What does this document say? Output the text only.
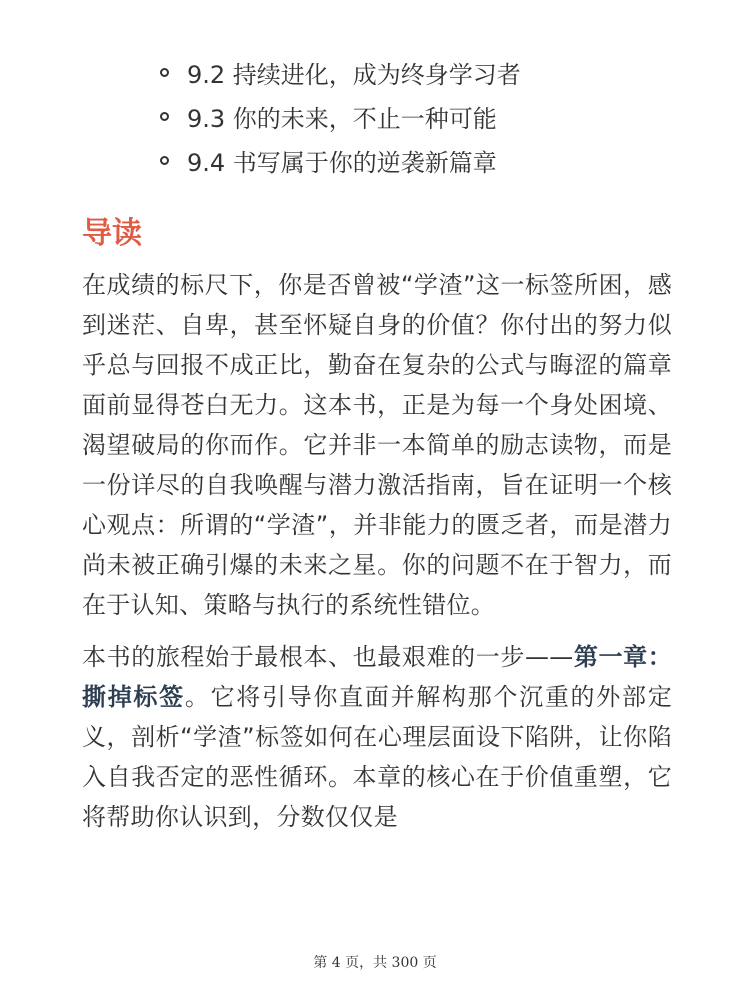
9.2 持续进化，成为终身学习者
9.3 你的未来，不止一种可能
9.4 书写属于你的逆袭新篇章
导读

在成绩的标尺下，你是否曾被“学渣”这一标签所困，感到迷茫、自卑，甚至怀疑自身的价值？你付出的努力似乎总与回报不成正比，勤奋在复杂的公式与晦涩的篇章面前显得苍白无力。这本书，正是为每一个身处困境、渴望破局的你而作。它并非一本简单的励志读物，而是一份详尽的自我唤醒与潜力激活指南，旨在证明一个核心观点：所谓的“学渣”，并非能力的匮乏者，而是潜力尚未被正确引爆的未来之星。你的问题不在于智力，而在于认知、策略与执行的系统性错位。

本书的旅程始于最根本、也最艰难的一步——第一章：撕掉标签。它将引导你直面并解构那个沉重的外部定义，剖析“学渣”标签如何在心理层面设下陷阱，让你陷入自我否定的恶性循环。本章的核心在于价值重塑，它将帮助你认识到，分数仅仅是

第 4 页，共 300 页
